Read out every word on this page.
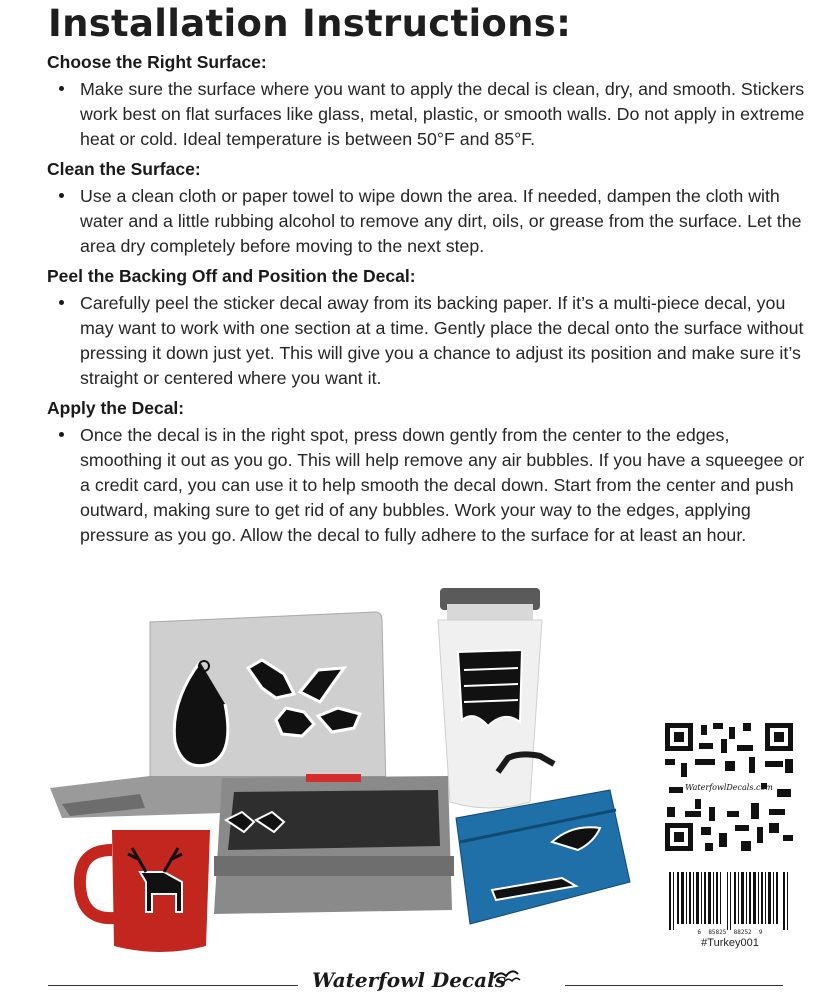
Installation Instructions:

Choose the Right Surface:

Make sure the surface where you want to apply the decal is clean, dry, and smooth. Stickers work best on flat surfaces like glass, metal, plastic, or smooth walls. Do not apply in extreme heat or cold. Ideal temperature is between 50°F and 85°F.

Clean the Surface:

Use a clean cloth or paper towel to wipe down the area. If needed, dampen the cloth with water and a little rubbing alcohol to remove any dirt, oils, or grease from the surface. Let the area dry completely before moving to the next step.

Peel the Backing Off and Position the Decal:

Carefully peel the sticker decal away from its backing paper. If it’s a multi-piece decal, you may want to work with one section at a time. Gently place the decal onto the surface without pressing it down just yet. This will give you a chance to adjust its position and make sure it’s straight or centered where you want it.

Apply the Decal:

Once the decal is in the right spot, press down gently from the center to the edges, smoothing it out as you go. This will help remove any air bubbles. If you have a squeegee or a credit card, you can use it to help smooth the decal down. Start from the center and push outward, making sure to get rid of any bubbles. Work your way to the edges, applying pressure as you go. Allow the decal to fully adhere to the surface for at least an hour.
WaterfowlDecals.com
6  85825  88252  9
#Turkey001
Waterfowl Decals
